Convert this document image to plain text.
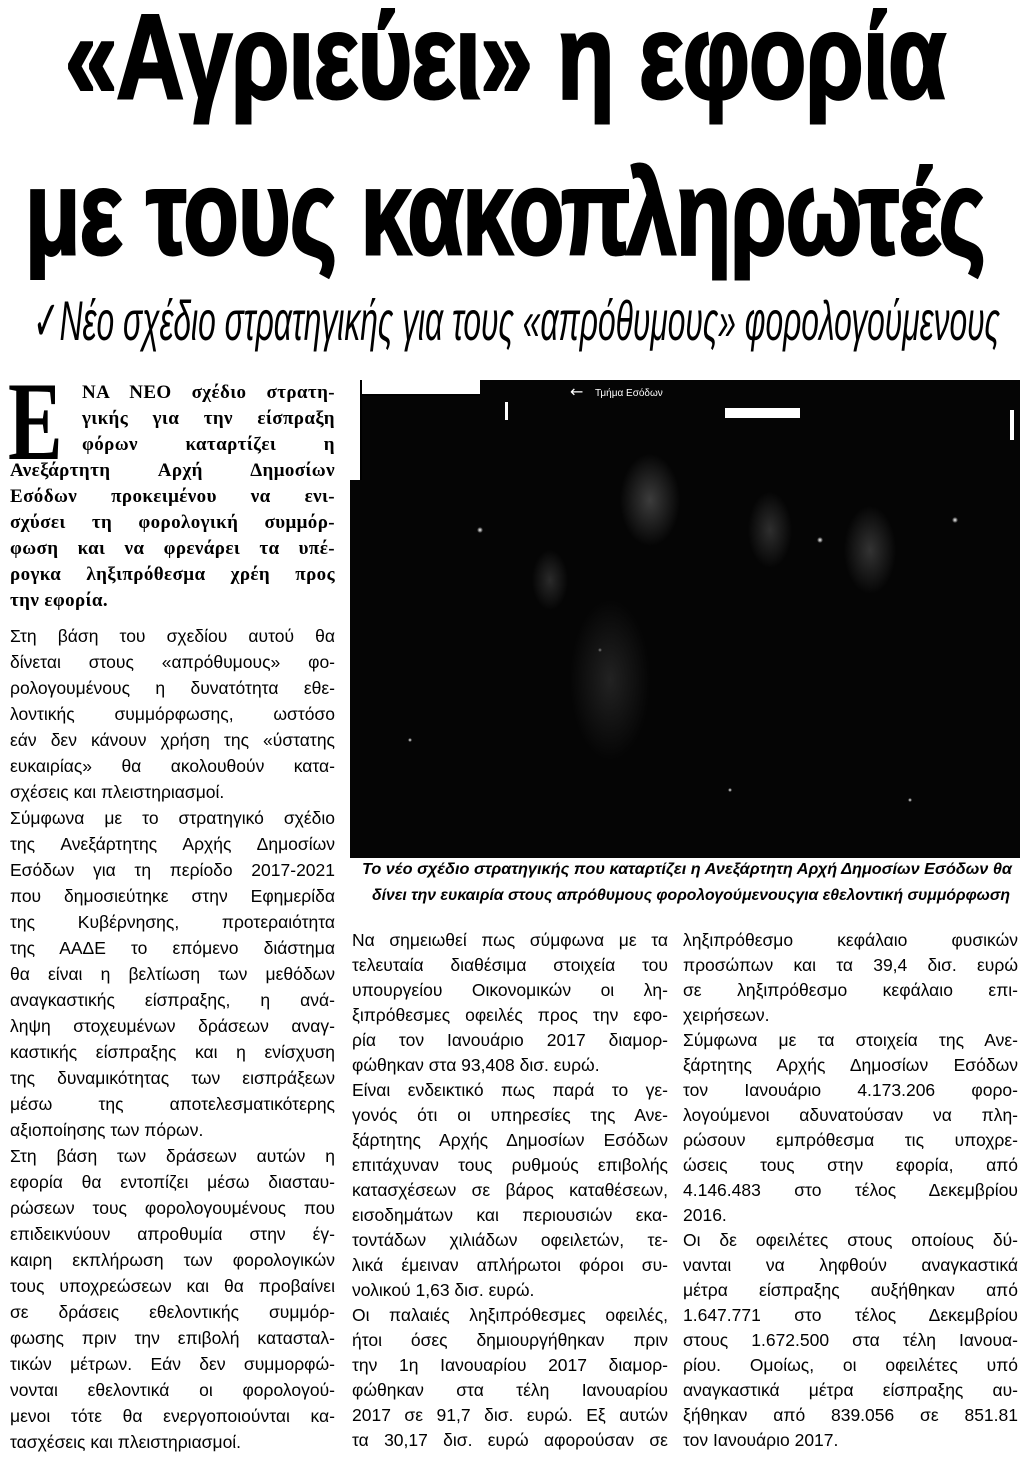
«Αγριεύει» η εφορία
με τους κακοπληρωτές
✓Νέο σχέδιο στρατηγικής για τους «απρόθυμους» φορολογούμενους
Ε ΝΑ ΝΕΟ σχέδιο στρατη-
γικής για την είσπραξη
φόρων καταρτίζει η
Ανεξάρτητη Αρχή Δημοσίων
Εσόδων προκειμένου να ενι-
σχύσει τη φορολογική συμμόρ-
φωση και να φρενάρει τα υπέ-
ρογκα ληξιπρόθεσμα χρέη προς
την εφορία.
Στη βάση του σχεδίου αυτού θα
δίνεται στους «απρόθυμους» φο-
ρολογουμένους η δυνατότητα εθε-
λοντικής συμμόρφωσης, ωστόσο
εάν δεν κάνουν χρήση της «ύστατης
ευκαιρίας» θα ακολουθούν κατα-
σχέσεις και πλειστηριασμοί.
Σύμφωνα με το στρατηγικό σχέδιο
της Ανεξάρτητης Αρχής Δημοσίων
Εσόδων για τη περίοδο 2017-2021
που δημοσιεύτηκε στην Εφημερίδα
της Κυβέρνησης, προτεραιότητα
της ΑΑΔΕ το επόμενο διάστημα
θα είναι η βελτίωση των μεθόδων
αναγκαστικής είσπραξης, η ανά-
ληψη στοχευμένων δράσεων αναγ-
καστικής είσπραξης και η ενίσχυση
της δυναμικότητας των εισπράξεων
μέσω της αποτελεσματικότερης
αξιοποίησης των πόρων.
Στη βάση των δράσεων αυτών η
εφορία θα εντοπίζει μέσω διασταυ-
ρώσεων τους φορολογουμένους που
επιδεικνύουν απροθυμία στην έγ-
καιρη εκπλήρωση των φορολογικών
τους υποχρεώσεων και θα προβαίνει
σε δράσεις εθελοντικής συμμόρ-
φωσης πριν την επιβολή κατασταλ-
τικών μέτρων. Εάν δεν συμμορφώ-
νονται εθελοντικά οι φορολογού-
μενοι τότε θα ενεργοποιούνται κα-
τασχέσεις και πλειστηριασμοί.
← Τμήμα Εσόδων
Το νέο σχέδιο στρατηγικής που καταρτίζει η Ανεξάρτητη Αρχή Δημοσίων Εσόδων θα
δίνει την ευκαιρία στους απρόθυμους φορολογούμενουςγια εθελοντική συμμόρφωση
Να σημειωθεί πως σύμφωνα με τα
τελευταία διαθέσιμα στοιχεία του
υπουργείου Οικονομικών οι λη-
ξιπρόθεσμες οφειλές προς την εφο-
ρία τον Ιανουάριο 2017 διαμορ-
φώθηκαν στα 93,408 δισ. ευρώ.
Είναι ενδεικτικό πως παρά το γε-
γονός ότι οι υπηρεσίες της Ανε-
ξάρτητης Αρχής Δημοσίων Εσόδων
επιτάχυναν τους ρυθμούς επιβολής
κατασχέσεων σε βάρος καταθέσεων,
εισοδημάτων και περιουσιών εκα-
τοντάδων χιλιάδων οφειλετών, τε-
λικά έμειναν απλήρωτοι φόροι συ-
νολικού 1,63 δισ. ευρώ.
Οι παλαιές ληξιπρόθεσμες οφειλές,
ήτοι όσες δημιουργήθηκαν πριν
την 1η Ιανουαρίου 2017 διαμορ-
φώθηκαν στα τέλη Ιανουαρίου
2017 σε 91,7 δισ. ευρώ. Εξ αυτών
τα 30,17 δισ. ευρώ αφορούσαν σε
ληξιπρόθεσμο κεφάλαιο φυσικών
προσώπων και τα 39,4 δισ. ευρώ
σε ληξιπρόθεσμο κεφάλαιο επι-
χειρήσεων.
Σύμφωνα με τα στοιχεία της Ανε-
ξάρτητης Αρχής Δημοσίων Εσόδων
τον Ιανουάριο 4.173.206 φορο-
λογούμενοι αδυνατούσαν να πλη-
ρώσουν εμπρόθεσμα τις υποχρε-
ώσεις τους στην εφορία, από
4.146.483 στο τέλος Δεκεμβρίου
2016.
Οι δε οφειλέτες στους οποίους δύ-
νανται να ληφθούν αναγκαστικά
μέτρα είσπραξης αυξήθηκαν από
1.647.771 στο τέλος Δεκεμβρίου
στους 1.672.500 στα τέλη Ιανουα-
ρίου. Ομοίως, οι οφειλέτες υπό
αναγκαστικά μέτρα είσπραξης αυ-
ξήθηκαν από 839.056 σε 851.81
τον Ιανουάριο 2017.
